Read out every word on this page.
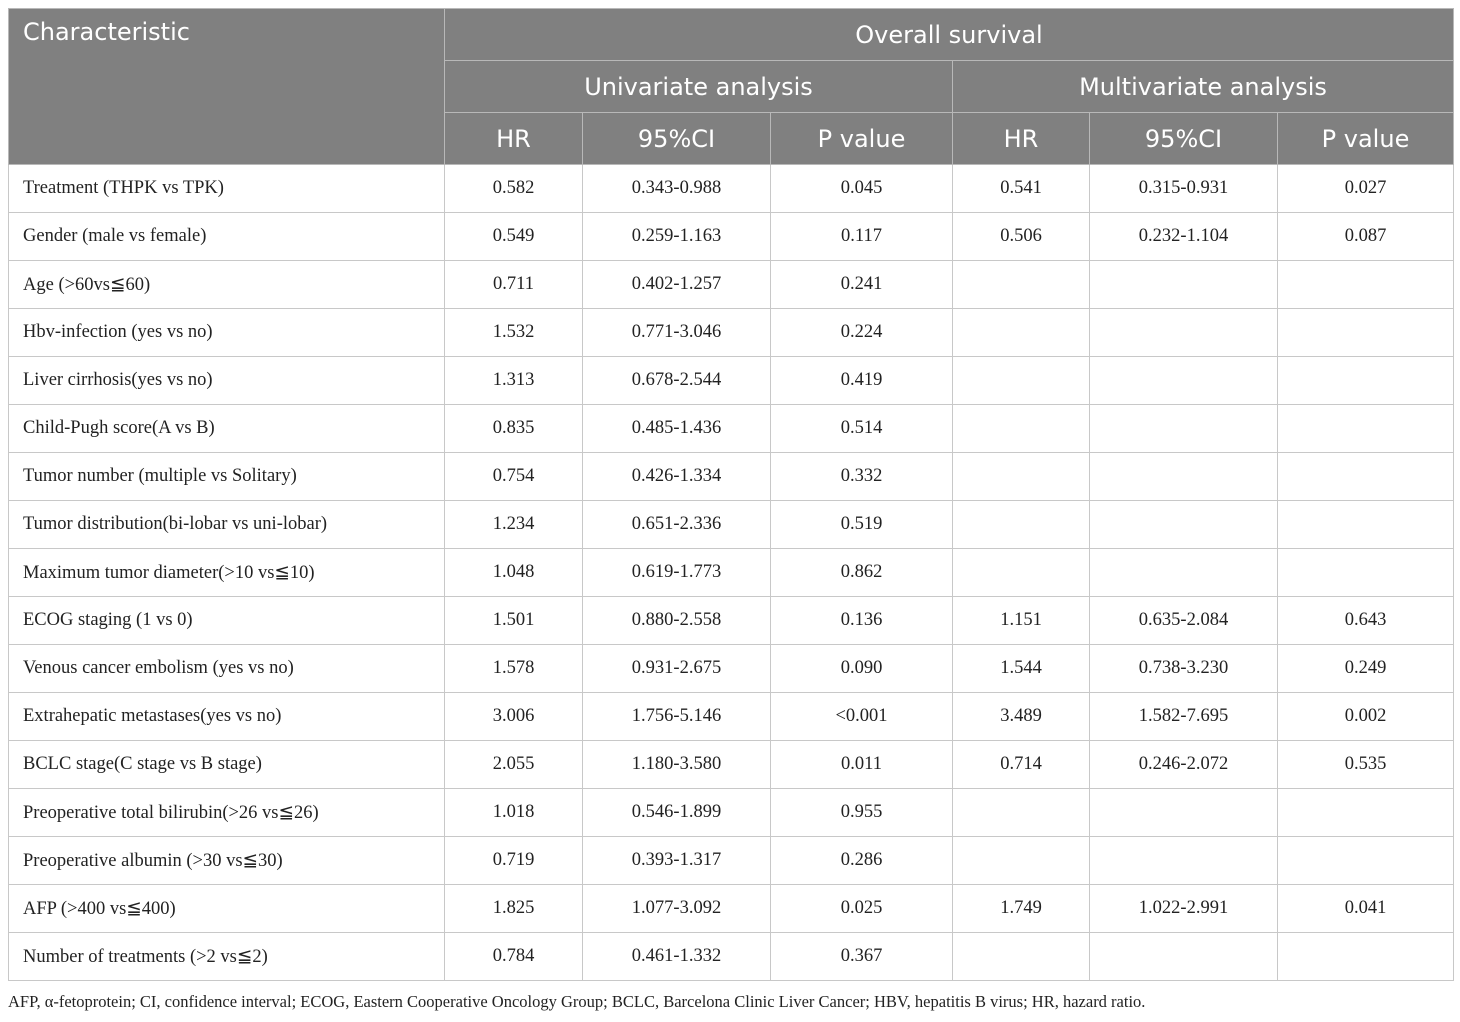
Characteristic	Overall survival					
	Univariate analysis			Multivariate analysis		
	HR	95%CI	P value	HR	95%CI	P value
Treatment (THPK vs TPK)	0.582	0.343-0.988	0.045	0.541	0.315-0.931	0.027
Gender (male vs female)	0.549	0.259-1.163	0.117	0.506	0.232-1.104	0.087
Age (>60vs≦60)	0.711	0.402-1.257	0.241			
Hbv-infection (yes vs no)	1.532	0.771-3.046	0.224			
Liver cirrhosis(yes vs no)	1.313	0.678-2.544	0.419			
Child-Pugh score(A vs B)	0.835	0.485-1.436	0.514			
Tumor number (multiple vs Solitary)	0.754	0.426-1.334	0.332			
Tumor distribution(bi-lobar vs uni-lobar)	1.234	0.651-2.336	0.519			
Maximum tumor diameter(>10 vs≦10)	1.048	0.619-1.773	0.862			
ECOG staging (1 vs 0)	1.501	0.880-2.558	0.136	1.151	0.635-2.084	0.643
Venous cancer embolism (yes vs no)	1.578	0.931-2.675	0.090	1.544	0.738-3.230	0.249
Extrahepatic metastases(yes vs no)	3.006	1.756-5.146	<0.001	3.489	1.582-7.695	0.002
BCLC stage(C stage vs B stage)	2.055	1.180-3.580	0.011	0.714	0.246-2.072	0.535
Preoperative total bilirubin(>26 vs≦26)	1.018	0.546-1.899	0.955			
Preoperative albumin (>30 vs≦30)	0.719	0.393-1.317	0.286			
AFP (>400 vs≦400)	1.825	1.077-3.092	0.025	1.749	1.022-2.991	0.041
Number of treatments (>2 vs≦2)	0.784	0.461-1.332	0.367			
AFP, α-fetoprotein; CI, confidence interval; ECOG, Eastern Cooperative Oncology Group; BCLC, Barcelona Clinic Liver Cancer; HBV, hepatitis B virus; HR, hazard ratio.
